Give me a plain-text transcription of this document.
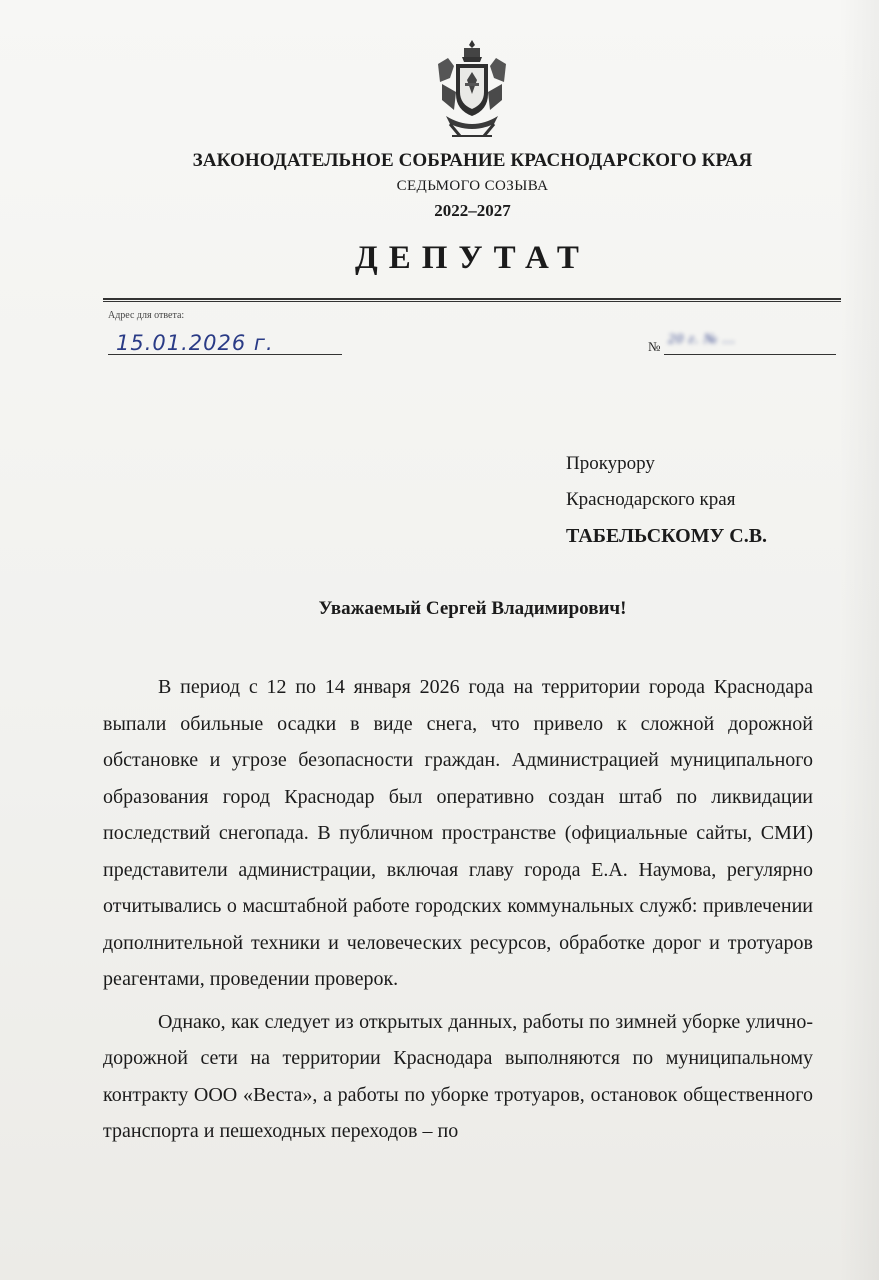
ЗАКОНОДАТЕЛЬНОЕ СОБРАНИЕ КРАСНОДАРСКОГО КРАЯ
СЕДЬМОГО СОЗЫВА
2022–2027
ДЕПУТАТ
Адрес для ответа:
15.01.2026 г.	№ 20 г. № ...
Прокурору
Краснодарского края
ТАБЕЛЬСКОМУ С.В.
Уважаемый Сергей Владимирович!

В период с 12 по 14 января 2026 года на территории города Краснодара выпали обильные осадки в виде снега, что привело к сложной дорожной обстановке и угрозе безопасности граждан. Администрацией муниципального образования город Краснодар был оперативно создан штаб по ликвидации последствий снегопада. В публичном пространстве (официальные сайты, СМИ) представители администрации, включая главу города Е.А. Наумова, регулярно отчитывались о масштабной работе городских коммунальных служб: привлечении дополнительной техники и человеческих ресурсов, обработке дорог и тротуаров реагентами, проведении проверок.

Однако, как следует из открытых данных, работы по зимней уборке улично-дорожной сети на территории Краснодара выполняются по муниципальному контракту ООО «Веста», а работы по уборке тротуаров, остановок общественного транспорта и пешеходных переходов – по
